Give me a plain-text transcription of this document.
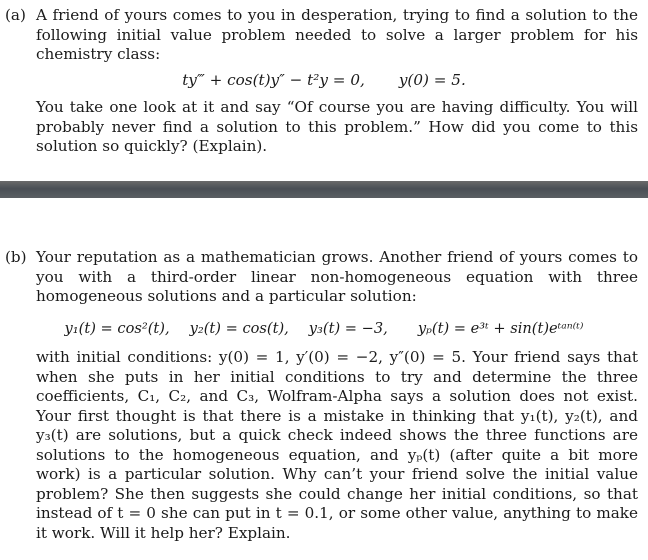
(a) A friend of yours comes to you in desperation, trying to find a solution to the following initial value problem needed to solve a larger problem for his chemistry class:
ty‴ + cos(t)y″ − t²y = 0, y(0) = 5.
You take one look at it and say “Of course you are having difficulty. You will probably never find a solution to this problem.” How did you come to this solution so quickly? (Explain).
(b) Your reputation as a mathematician grows. Another friend of yours comes to you with a third-order linear non-homogeneous equation with three homogeneous solutions and a particular solution:
y₁(t) = cos²(t), y₂(t) = cos(t), y₃(t) = −3, yₚ(t) = e³ᵗ + sin(t)eᵗᵃⁿ⁽ᵗ⁾
with initial conditions: y(0) = 1, y′(0) = −2, y″(0) = 5. Your friend says that when she puts in her initial conditions to try and determine the three coefficients, C₁, C₂, and C₃, Wolfram-Alpha says a solution does not exist. Your first thought is that there is a mistake in thinking that y₁(t), y₂(t), and y₃(t) are solutions, but a quick check indeed shows the three functions are solutions to the homogeneous equation, and yₚ(t) (after quite a bit more work) is a particular solution. Why can’t your friend solve the initial value problem? She then suggests she could change her initial conditions, so that instead of t = 0 she can put in t = 0.1, or some other value, anything to make it work. Will it help her? Explain.
